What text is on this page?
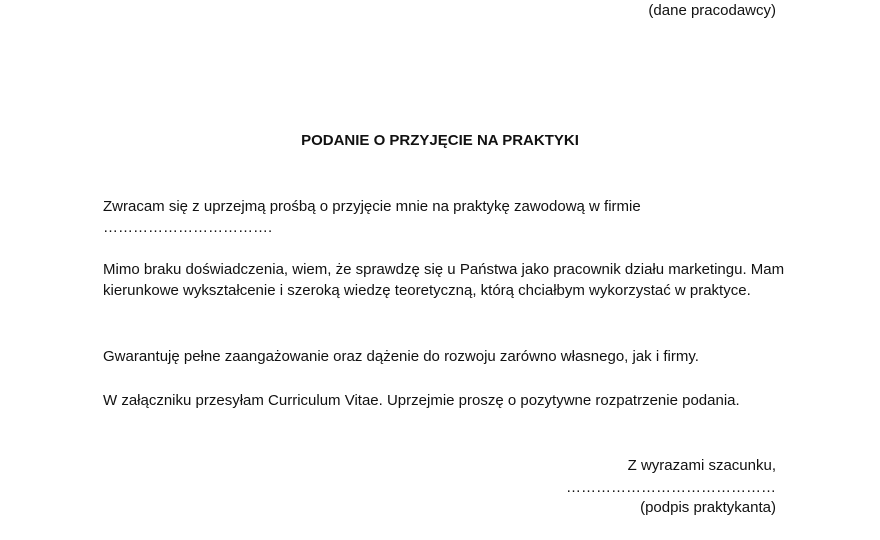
(dane pracodawcy)
PODANIE O PRZYJĘCIE NA PRAKTYKI
Zwracam się z uprzejmą prośbą o przyjęcie mnie na praktykę zawodową w firmie
…………………………….
Mimo braku doświadczenia, wiem, że sprawdzę się u Państwa jako pracownik działu marketingu. Mam kierunkowe wykształcenie i szeroką wiedzę teoretyczną, którą chciałbym wykorzystać w praktyce.
Gwarantuję pełne zaangażowanie oraz dążenie do rozwoju zarówno własnego, jak i firmy.
W załączniku przesyłam Curriculum Vitae. Uprzejmie proszę o pozytywne rozpatrzenie podania.
Z wyrazami szacunku,
……………………………………
(podpis praktykanta)
